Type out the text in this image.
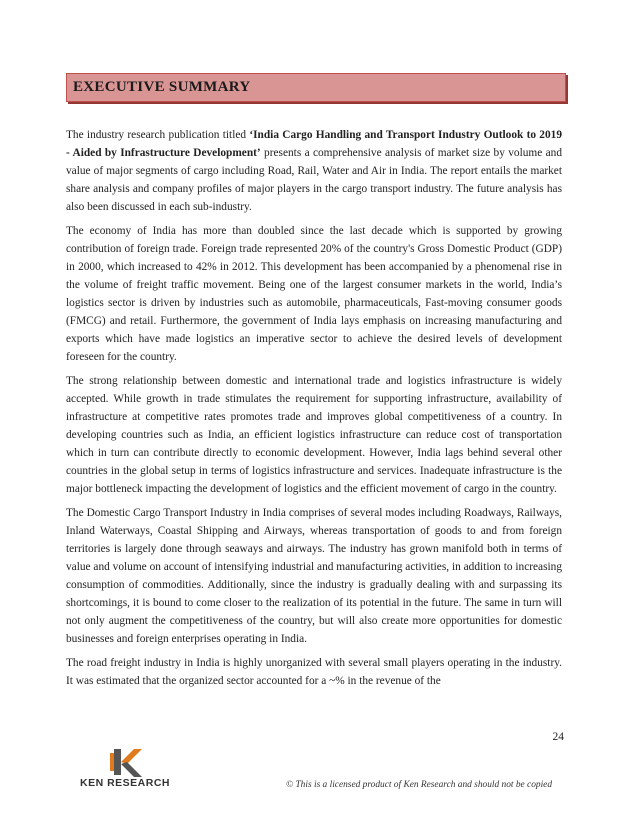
EXECUTIVE SUMMARY

The industry research publication titled ‘India Cargo Handling and Transport Industry Outlook to 2019 - Aided by Infrastructure Development’ presents a comprehensive analysis of market size by volume and value of major segments of cargo including Road, Rail, Water and Air in India. The report entails the market share analysis and company profiles of major players in the cargo transport industry. The future analysis has also been discussed in each sub-industry.

The economy of India has more than doubled since the last decade which is supported by growing contribution of foreign trade. Foreign trade represented 20% of the country's Gross Domestic Product (GDP) in 2000, which increased to 42% in 2012. This development has been accompanied by a phenomenal rise in the volume of freight traffic movement. Being one of the largest consumer markets in the world, India’s logistics sector is driven by industries such as automobile, pharmaceuticals, Fast-moving consumer goods (FMCG) and retail. Furthermore, the government of India lays emphasis on increasing manufacturing and exports which have made logistics an imperative sector to achieve the desired levels of development foreseen for the country.

The strong relationship between domestic and international trade and logistics infrastructure is widely accepted. While growth in trade stimulates the requirement for supporting infrastructure, availability of infrastructure at competitive rates promotes trade and improves global competitiveness of a country. In developing countries such as India, an efficient logistics infrastructure can reduce cost of transportation which in turn can contribute directly to economic development. However, India lags behind several other countries in the global setup in terms of logistics infrastructure and services. Inadequate infrastructure is the major bottleneck impacting the development of logistics and the efficient movement of cargo in the country.

The Domestic Cargo Transport Industry in India comprises of several modes including Roadways, Railways, Inland Waterways, Coastal Shipping and Airways, whereas transportation of goods to and from foreign territories is largely done through seaways and airways. The industry has grown manifold both in terms of value and volume on account of intensifying industrial and manufacturing activities, in addition to increasing consumption of commodities. Additionally, since the industry is gradually dealing with and surpassing its shortcomings, it is bound to come closer to the realization of its potential in the future. The same in turn will not only augment the competitiveness of the country, but will also create more opportunities for domestic businesses and foreign enterprises operating in India.

The road freight industry in India is highly unorganized with several small players operating in the industry. It was estimated that the organized sector accounted for a ~% in the revenue of the

24
KEN RESEARCH	© This is a licensed product of Ken Research and should not be copied
